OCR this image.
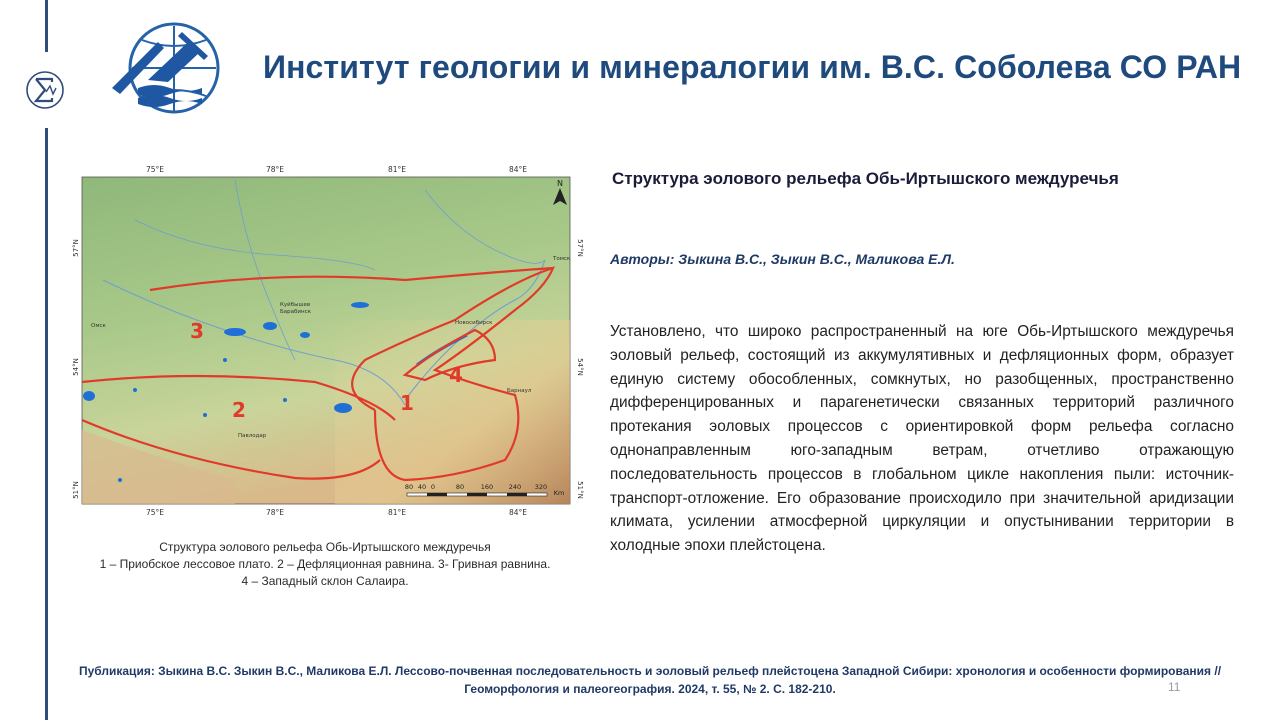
Институт геологии и минералогии им. В.С. Соболева СО РАН
75°E	78°E	81°E	84°E
75°E	78°E	81°E	84°E
57°N
54°N
51°N
57°N
54°N
51°N
Омск
Павлодар
Новосибирск
Барнаул
Куйбышев
Барабинск
Томск
1
2
3
4
N
80 40 0	80	160 240 320
Km
Структура эолового рельефа Обь-Иртышского междуречья
1 – Приобское лессовое плато. 2 – Дефляционная равнина. 3- Гривная равнина.
4 – Западный склон Салаира.
Структура эолового рельефа Обь-Иртышского междуречья
Авторы: Зыкина В.С., Зыкин В.С., Маликова Е.Л.
Установлено, что широко распространенный на юге Обь-Иртышского междуречья эоловый рельеф, состоящий из аккумулятивных и дефляционных форм, образует единую систему обособленных, сомкнутых, но разобщенных, пространственно дифференцированных и парагенетически связанных территорий различного протекания эоловых процессов с ориентировкой форм рельефа согласно однонаправленным юго-западным ветрам, отчетливо отражающую последовательность процессов в глобальном цикле накопления пыли: источник-транспорт-отложение. Его образование происходило при значительной аридизации климата, усилении атмосферной циркуляции и опустынивании территории в холодные эпохи плейстоцена.
Публикация: Зыкина В.С. Зыкин В.С., Маликова Е.Л. Лессово-почвенная последовательность и эоловый рельеф плейстоцена Западной Сибири: хронология и особенности формирования //
Геоморфология и палеогеография. 2024, т. 55, № 2. С. 182-210.	11
